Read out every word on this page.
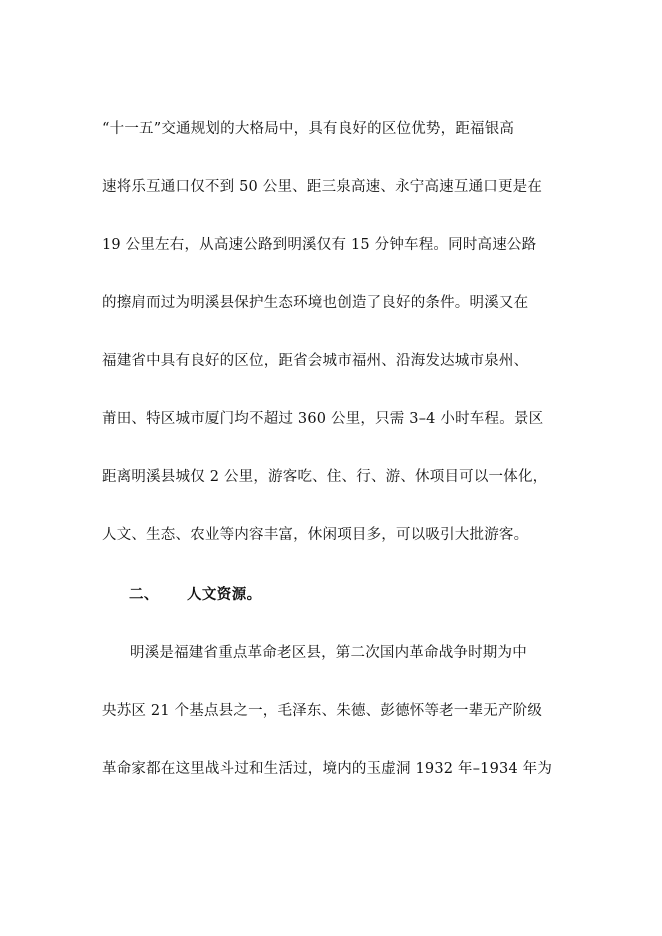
“十一五”交通规划的大格局中，具有良好的区位优势，距福银高
速将乐互通口仅不到 50 公里、距三泉高速、永宁高速互通口更是在
19 公里左右，从高速公路到明溪仅有 15 分钟车程。同时高速公路
的擦肩而过为明溪县保护生态环境也创造了良好的条件。明溪又在
福建省中具有良好的区位，距省会城市福州、沿海发达城市泉州、
莆田、特区城市厦门均不超过 360 公里，只需 3–4 小时车程。景区
距离明溪县城仅 2 公里，游客吃、住、行、游、休项目可以一体化，
人文、生态、农业等内容丰富，休闲项目多，可以吸引大批游客。
二、 人文资源。
明溪是福建省重点革命老区县，第二次国内革命战争时期为中
央苏区 21 个基点县之一，毛泽东、朱德、彭德怀等老一辈无产阶级
革命家都在这里战斗过和生活过，境内的玉虚洞 1932 年–1934 年为
